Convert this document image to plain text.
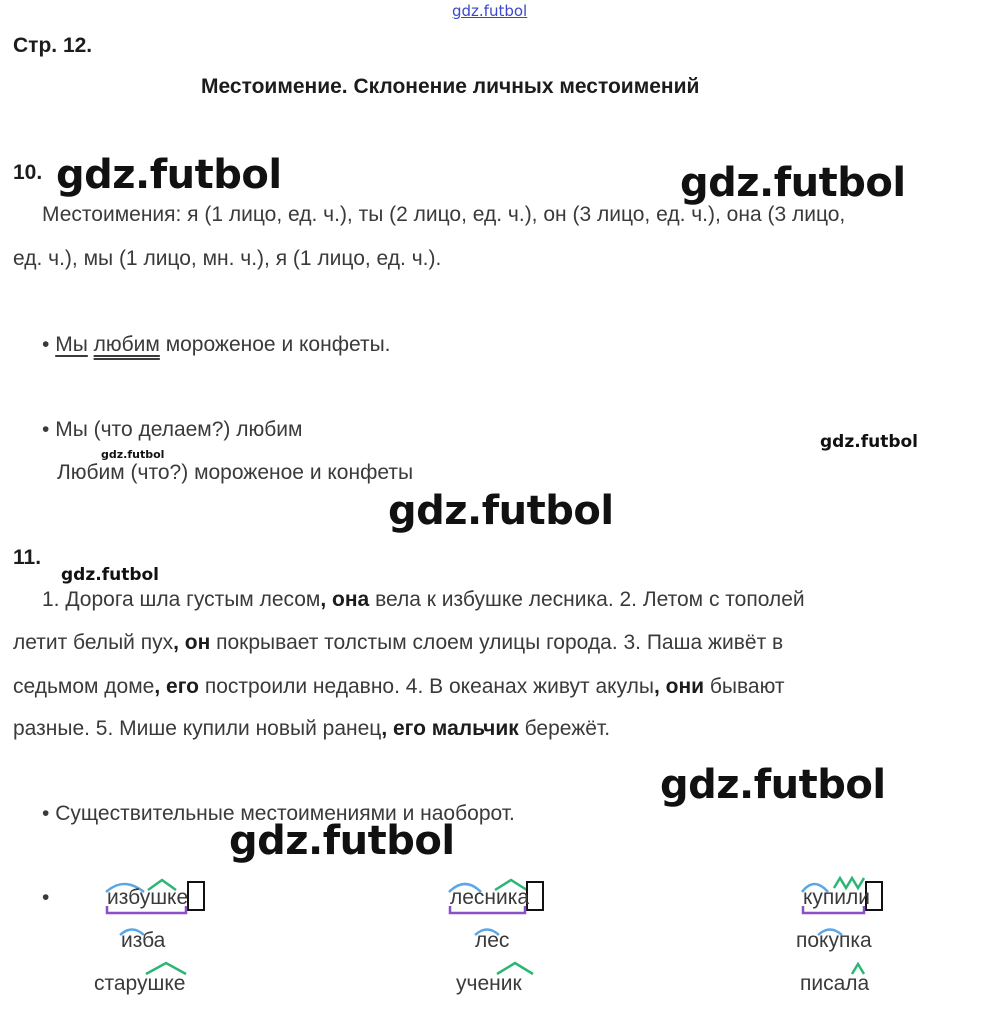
gdz.futbol
gdz.futbol	gdz.futbol
gdz.futbol
gdz.futbol
gdz.futbol
gdz.futbol
gdz.futbol
gdz.futbol
Стр. 12.
Местоимение. Склонение личных местоимений
10.
Местоимения: я (1 лицо, ед. ч.), ты (2 лицо, ед. ч.), он (3 лицо, ед. ч.), она (3 лицо,
ед. ч.), мы (1 лицо, мн. ч.), я (1 лицо, ед. ч.).
• Мы любим мороженое и конфеты.
• Мы (что делаем?) любим
Любим (что?) мороженое и конфеты
11.
1. Дорога шла густым лесом, она вела к избушке лесника. 2. Летом с тополей
летит белый пух, он покрывает толстым слоем улицы города. 3. Паша живёт в
седьмом доме, его построили недавно. 4. В океанах живут акулы, они бывают
разные. 5. Мише купили новый ранец, его мальчик бережёт.
• Существительные местоимениями и наоборот.
•	избушке
изба
старушке
лесника
лес
ученик
купили
покупка
писала
